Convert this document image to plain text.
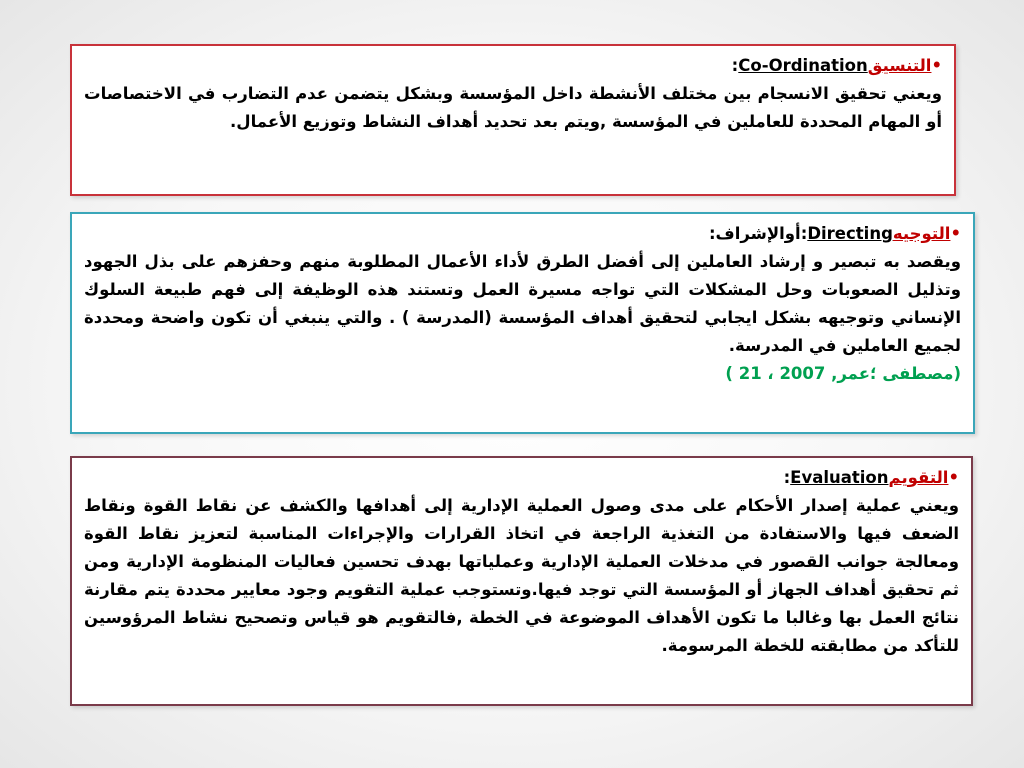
•التنسيقCo-Ordination:
ويعني تحقيق الانسجام بين مختلف الأنشطة داخل المؤسسة وبشكل يتضمن عدم التضارب في الاختصاصات أو المهام المحددة للعاملين في المؤسسة ,ويتم بعد تحديد أهداف النشاط وتوزيع الأعمال.
•التوجيهDirecting:أوالإشراف:
ويقصد به تبصير و إرشاد العاملين إلى أفضل الطرق لأداء الأعمال المطلوبة منهم وحفزهم على بذل الجهود وتذليل الصعوبات وحل المشكلات التي تواجه مسيرة العمل وتستند هذه الوظيفة إلى فهم طبيعة السلوك الإنساني وتوجيهه بشكل ايجابي لتحقيق أهداف المؤسسة (المدرسة ) . والتي ينبغي أن تكون واضحة ومحددة لجميع العاملين في المدرسة.
(مصطفى ؛عمر, 2007 ، 21 )
•التقويمEvaluation:
ويعني عملية إصدار الأحكام على مدى وصول العملية الإدارية إلى أهدافها والكشف عن نقاط القوة ونقاط الضعف فيها والاستفادة من التغذية الراجعة في اتخاذ القرارات والإجراءات المناسبة لتعزيز نقاط القوة ومعالجة جوانب القصور في مدخلات العملية الإدارية وعملياتها بهدف تحسين فعاليات المنظومة الإدارية ومن ثم تحقيق أهداف الجهاز أو المؤسسة التي توجد فيها.وتستوجب عملية التقويم وجود معايير محددة يتم مقارنة نتائج العمل بها وغالبا ما تكون الأهداف الموضوعة في الخطة ,فالتقويم هو قياس وتصحيح نشاط المرؤوسين للتأكد من مطابقته للخطة المرسومة.
